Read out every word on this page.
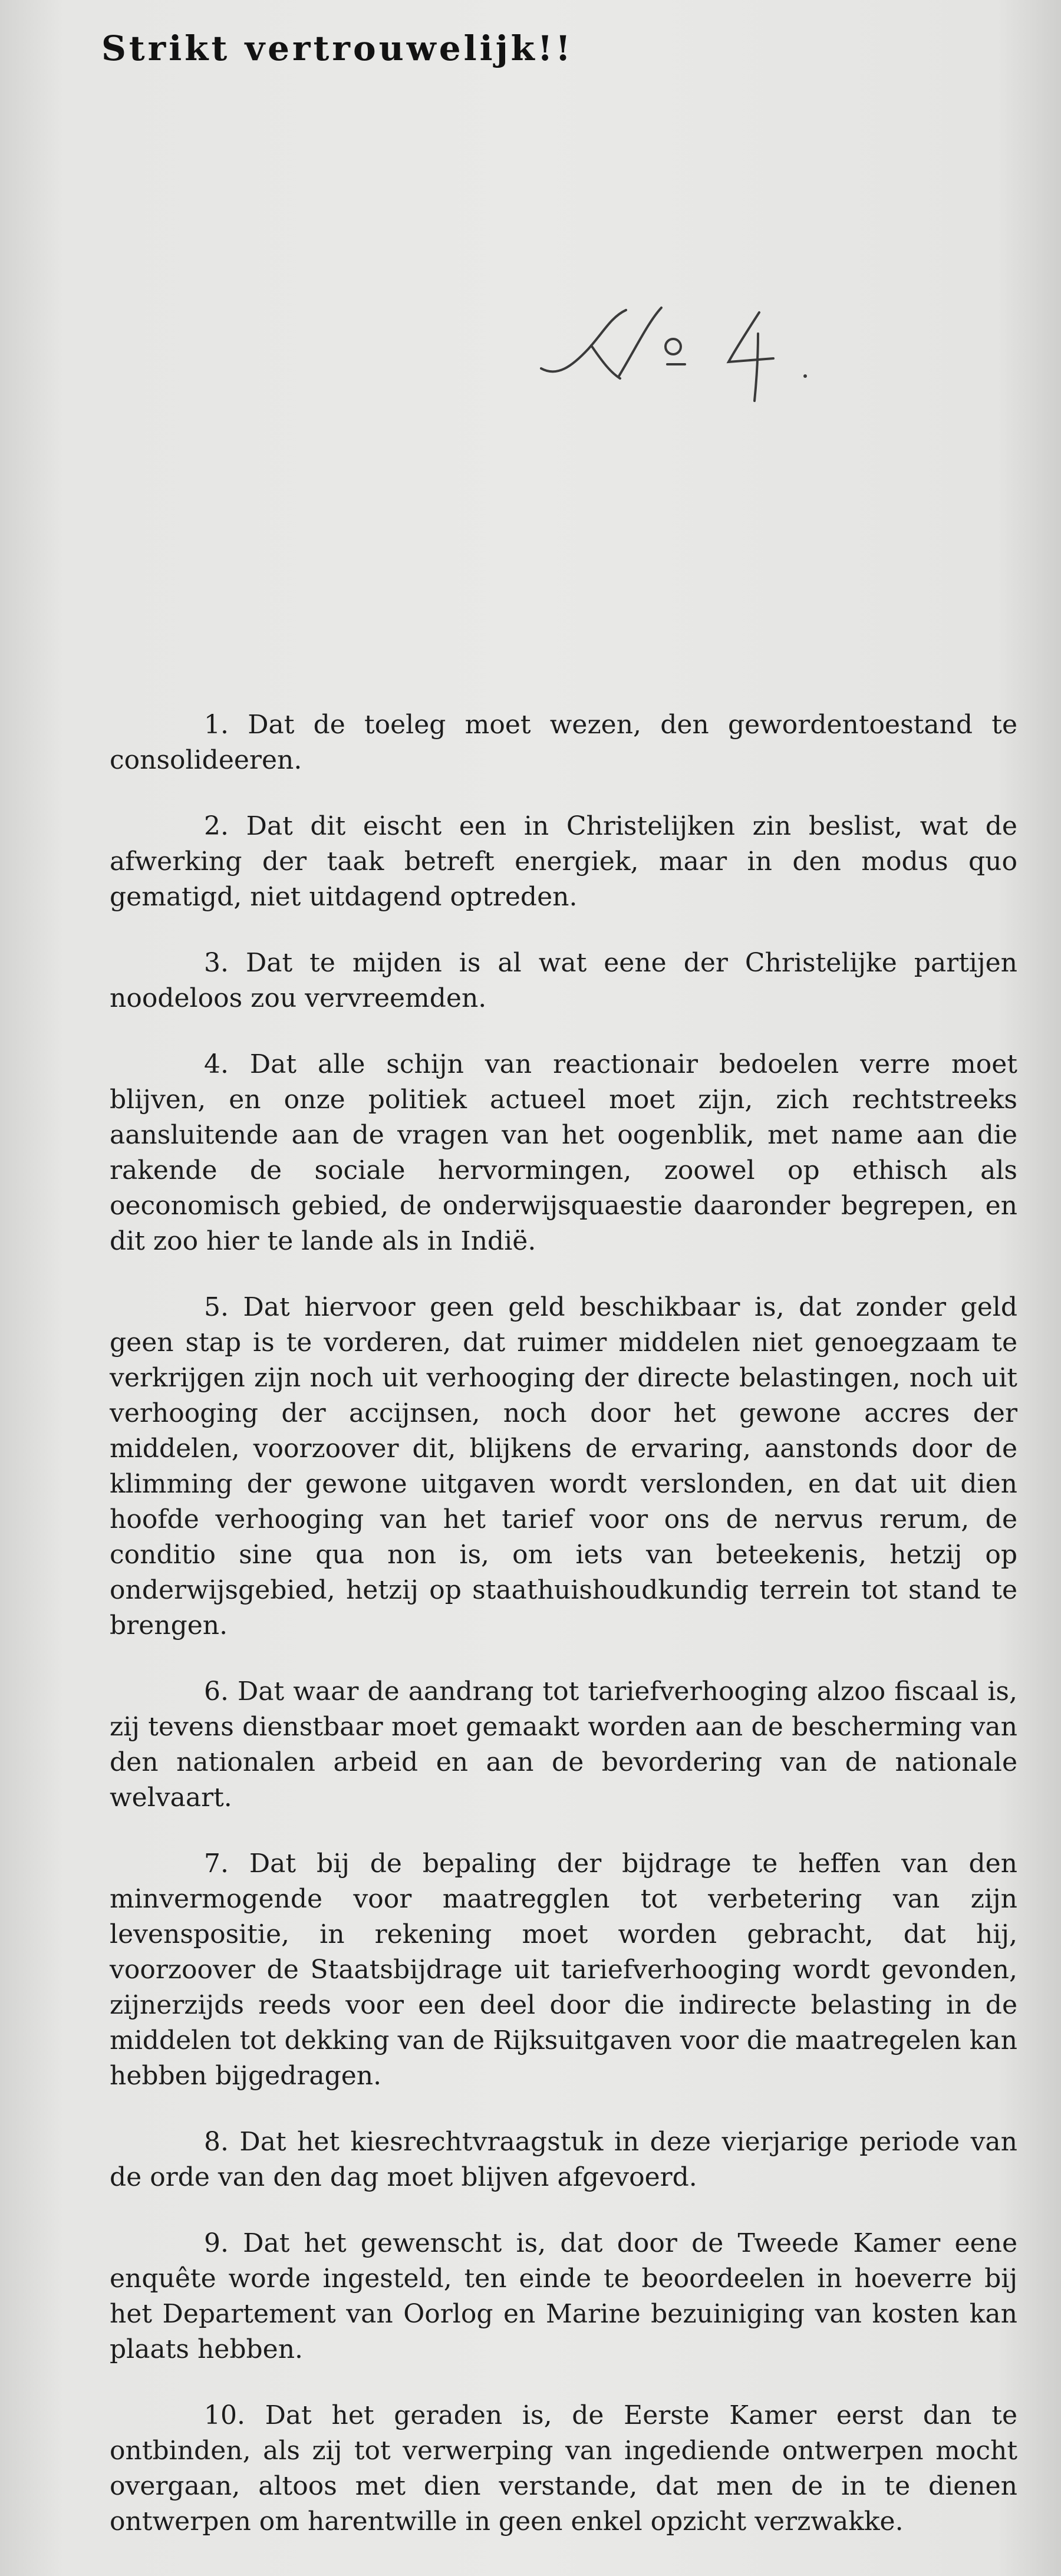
Strikt vertrouwelijk!!

1. Dat de toeleg moet wezen, den gewordentoestand te consolideeren.

2. Dat dit eischt een in Christelijken zin beslist, wat de afwerking der taak betreft energiek, maar in den modus quo gematigd, niet uitdagend optreden.

3. Dat te mijden is al wat eene der Christelijke partijen noodeloos zou vervreemden.

4. Dat alle schijn van reactionair bedoelen verre moet blijven, en onze politiek actueel moet zijn, zich rechtstreeks aansluitende aan de vragen van het oogenblik, met name aan die rakende de sociale hervormingen, zoowel op ethisch als oeconomisch gebied, de onderwijsquaestie daaronder begrepen, en dit zoo hier te lande als in Indië.

5. Dat hiervoor geen geld beschikbaar is, dat zonder geld geen stap is te vorderen, dat ruimer middelen niet genoegzaam te verkrijgen zijn noch uit verhooging der directe belastingen, noch uit verhooging der accijnsen, noch door het gewone accres der middelen, voorzoover dit, blijkens de ervaring, aanstonds door de klimming der gewone uitgaven wordt verslonden, en dat uit dien hoofde verhooging van het tarief voor ons de nervus rerum, de conditio sine qua non is, om iets van beteekenis, hetzij op onderwijsgebied, hetzij op staathuishoudkundig terrein tot stand te brengen.

6. Dat waar de aandrang tot tariefverhooging alzoo fiscaal is, zij tevens dienstbaar moet gemaakt worden aan de bescherming van den nationalen arbeid en aan de bevordering van de nationale welvaart.

7. Dat bij de bepaling der bijdrage te heffen van den minvermogende voor maatregglen tot verbetering van zijn levenspositie, in rekening moet worden gebracht, dat hij, voorzoover de Staatsbijdrage uit tariefverhooging wordt gevonden, zijnerzijds reeds voor een deel door die indirecte belasting in de middelen tot dekking van de Rijksuitgaven voor die maatregelen kan hebben bijgedragen.

8. Dat het kiesrechtvraagstuk in deze vierjarige periode van de orde van den dag moet blijven afgevoerd.

9. Dat het gewenscht is, dat door de Tweede Kamer eene enquête worde ingesteld, ten einde te beoordeelen in hoeverre bij het Departement van Oorlog en Marine bezuiniging van kosten kan plaats hebben.

10. Dat het geraden is, de Eerste Kamer eerst dan te ontbinden, als zij tot verwerping van ingediende ontwerpen mocht overgaan, altoos met dien verstande, dat men de in te dienen ontwerpen om harentwille in geen enkel opzicht verzwakke.
